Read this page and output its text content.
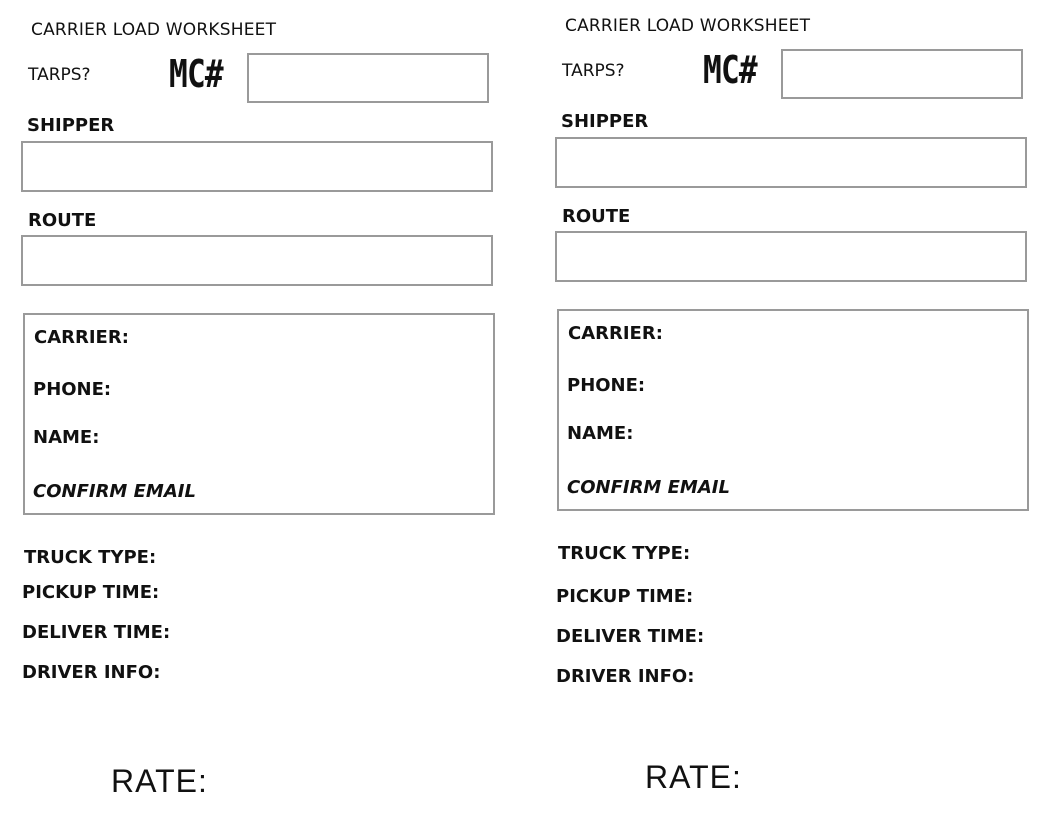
CARRIER LOAD WORKSHEET
TARPS? MC#
SHIPPER
ROUTE
CARRIER:
PHONE:
NAME:
CONFIRM EMAIL
TRUCK TYPE:
PICKUP TIME:
DELIVER TIME:
DRIVER INFO:
RATE:
CARRIER LOAD WORKSHEET
TARPS? MC#
SHIPPER
ROUTE
CARRIER:
PHONE:
NAME:
CONFIRM EMAIL
TRUCK TYPE:
PICKUP TIME:
DELIVER TIME:
DRIVER INFO:
RATE:
